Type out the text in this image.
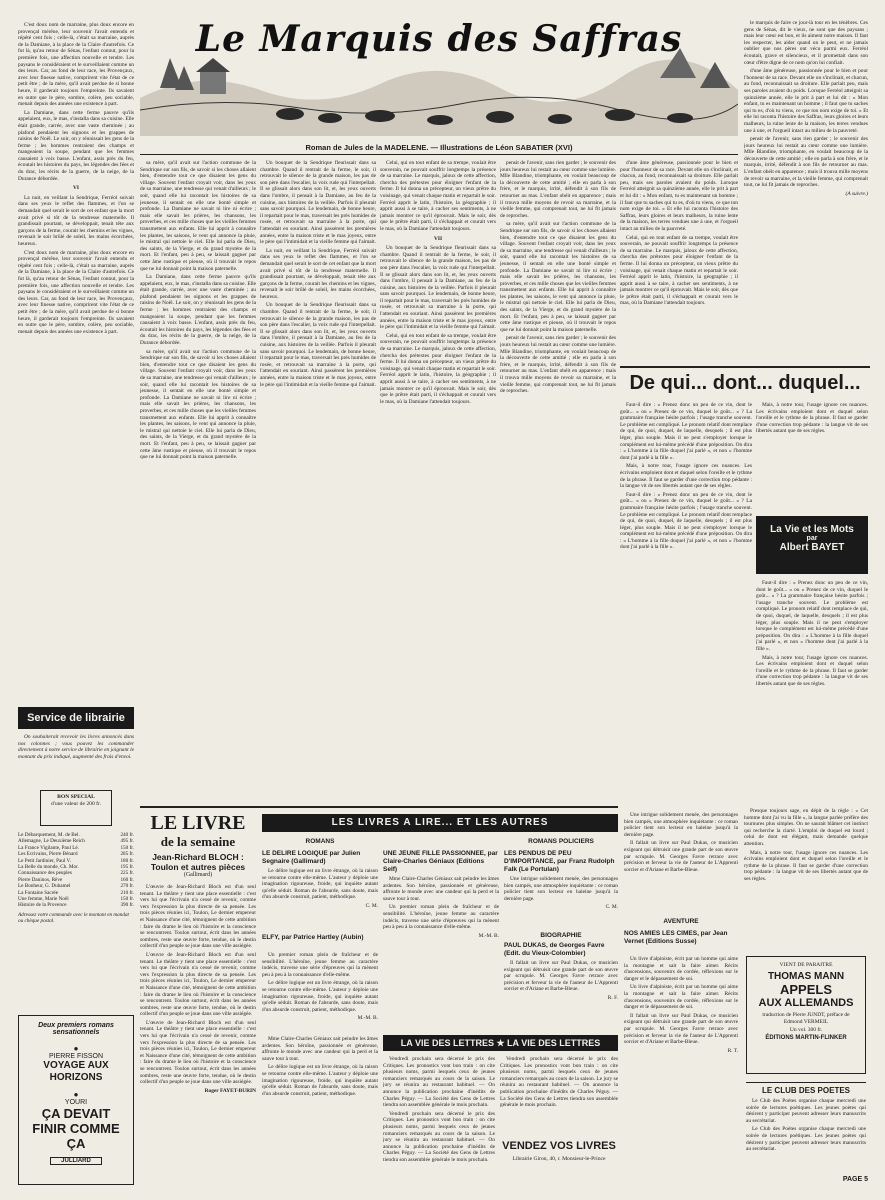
Le Marquis des Saffras
Roman de Jules de la MADELENE. — Illustrations de Léon SABATIER (XVI)

C'est doux nom de marraine, plus doux encore en provençal mérêne, leur souvenir l'avait entendu et répété cent fois ; celle-là, c'était sa marraine, auprès de la Damiane, à la place de la Claire d'autrefois. Ce fut là, qu'au retour de Sénas, l'enfant connut, pour la première fois, une affection nouvelle et tendre. Les paysans le considéraient et le surveillaient comme un des leurs. Car, au fond de leur race, les Provençaux, avec leur finesse native, comprirent vite l'état de ce petit être ; de la mère, qu'il avait perdue de si bonne heure, il garderait toujours l'empreinte. Ils savaient en outre que le père, sombre, colère, peu sociable, menait depuis des années une existence à part.

La Damiane, dans cette ferme pauvre qu'ils appelaient, eux, le mas, s'installa dans sa cuisine. Elle était grande, carrée, avec une vaste cheminée ; au plafond pendaient les oignons et les grappes de raisins de Noël. Le soir, on y réunissait les gens de la ferme ; les hommes rentraient des champs et mangeaient la soupe, pendant que les femmes causaient à voix basse. L'enfant, assis près du feu, écoutait les histoires du pays, les légendes des fées et du drac, les récits de la guerre, de la neige, de la Durance débordée.

VI

La nuit, en veillant la Sendrique, Ferréol suivait dans ses yeux le reflet des flammes, et l'on se demandait quel serait le sort de cet enfant que la mort avait privé si tôt de la tendresse maternelle. Il grandissait pourtant, se développait, tenait tête aux garçons de la ferme, courait les chemins et les vignes, revenait le soir brûlé de soleil, les mains écorchées, heureux.

C'est doux nom de marraine, plus doux encore en provençal mérêne, leur souvenir l'avait entendu et répété cent fois ; celle-là, c'était sa marraine, auprès de la Damiane, à la place de la Claire d'autrefois. Ce fut là, qu'au retour de Sénas, l'enfant connut, pour la première fois, une affection nouvelle et tendre. Les paysans le considéraient et le surveillaient comme un des leurs. Car, au fond de leur race, les Provençaux, avec leur finesse native, comprirent vite l'état de ce petit être ; de la mère, qu'il avait perdue de si bonne heure, il garderait toujours l'empreinte. Ils savaient en outre que le père, sombre, colère, peu sociable, menait depuis des années une existence à part.

sa mère, qu'il avait sur l'action commune de la Sendrique sur son fils, de savoir si les choses allaient bien, d'entendre tout ce que disaient les gens du village. Souvent l'enfant croyait voir, dans les yeux de sa marraine, une tendresse qui venait d'ailleurs ; le soir, quand elle lui racontait les histoires de sa jeunesse, il sentait en elle une bonté simple et profonde. La Damiane ne savait ni lire ni écrire ; mais elle savait les prières, les chansons, les proverbes, et ces mille choses que les vieilles femmes transmettent aux enfants. Elle lui apprit à connaître les plantes, les saisons, le vent qui annonce la pluie, le mistral qui nettoie le ciel. Elle lui parla de Dieu, des saints, de la Vierge, et du grand mystère de la mort. Et l'enfant, peu à peu, se laissait gagner par cette âme rustique et pieuse, où il trouvait le repos que ne lui donnait point la maison paternelle.

La Damiane, dans cette ferme pauvre qu'ils appelaient, eux, le mas, s'installa dans sa cuisine. Elle était grande, carrée, avec une vaste cheminée ; au plafond pendaient les oignons et les grappes de raisins de Noël. Le soir, on y réunissait les gens de la ferme ; les hommes rentraient des champs et mangeaient la soupe, pendant que les femmes causaient à voix basse. L'enfant, assis près du feu, écoutait les histoires du pays, les légendes des fées et du drac, les récits de la guerre, de la neige, de la Durance débordée.

sa mère, qu'il avait sur l'action commune de la Sendrique sur son fils, de savoir si les choses allaient bien, d'entendre tout ce que disaient les gens du village. Souvent l'enfant croyait voir, dans les yeux de sa marraine, une tendresse qui venait d'ailleurs ; le soir, quand elle lui racontait les histoires de sa jeunesse, il sentait en elle une bonté simple et profonde. La Damiane ne savait ni lire ni écrire ; mais elle savait les prières, les chansons, les proverbes, et ces mille choses que les vieilles femmes transmettent aux enfants. Elle lui apprit à connaître les plantes, les saisons, le vent qui annonce la pluie, le mistral qui nettoie le ciel. Elle lui parla de Dieu, des saints, de la Vierge, et du grand mystère de la mort. Et l'enfant, peu à peu, se laissait gagner par cette âme rustique et pieuse, où il trouvait le repos que ne lui donnait point la maison paternelle.

Un bouquet de la Sendrique fleurissait dans sa chambre. Quand il rentrait de la ferme, le soir, il retrouvait le silence de la grande maison, les pas de son père dans l'escalier, la voix rude qui l'interpellait. Il se glissait alors dans son lit, et, les yeux ouverts dans l'ombre, il pensait à la Damiane, au feu de la cuisine, aux histoires de la veillée. Parfois il pleurait sans savoir pourquoi. Le lendemain, de bonne heure, il repartait pour le mas, traversait les prés humides de rosée, et retrouvait sa marraine à la porte, qui l'attendait en souriant. Ainsi passèrent les premières années, entre la maison triste et le mas joyeux, entre le père qui l'intimidait et la vieille femme qui l'aimait.

La nuit, en veillant la Sendrique, Ferréol suivait dans ses yeux le reflet des flammes, et l'on se demandait quel serait le sort de cet enfant que la mort avait privé si tôt de la tendresse maternelle. Il grandissait pourtant, se développait, tenait tête aux garçons de la ferme, courait les chemins et les vignes, revenait le soir brûlé de soleil, les mains écorchées, heureux.

Un bouquet de la Sendrique fleurissait dans sa chambre. Quand il rentrait de la ferme, le soir, il retrouvait le silence de la grande maison, les pas de son père dans l'escalier, la voix rude qui l'interpellait. Il se glissait alors dans son lit, et, les yeux ouverts dans l'ombre, il pensait à la Damiane, au feu de la cuisine, aux histoires de la veillée. Parfois il pleurait sans savoir pourquoi. Le lendemain, de bonne heure, il repartait pour le mas, traversait les prés humides de rosée, et retrouvait sa marraine à la porte, qui l'attendait en souriant. Ainsi passèrent les premières années, entre la maison triste et le mas joyeux, entre le père qui l'intimidait et la vieille femme qui l'aimait.

Celui, qui en tout enfant de sa trempe, voulait être souverain, ne pouvait souffrir longtemps la présence de sa marraine. Le marquis, jaloux de cette affection, chercha des prétextes pour éloigner l'enfant de la ferme. Il lui donna un précepteur, un vieux prêtre du voisinage, qui venait chaque matin et repartait le soir. Ferréol apprit le latin, l'histoire, la géographie ; il apprit aussi à se taire, à cacher ses sentiments, à ne jamais montrer ce qu'il éprouvait. Mais le soir, dès que le prêtre était parti, il s'échappait et courait vers le mas, où la Damiane l'attendait toujours.

VII

Un bouquet de la Sendrique fleurissait dans sa chambre. Quand il rentrait de la ferme, le soir, il retrouvait le silence de la grande maison, les pas de son père dans l'escalier, la voix rude qui l'interpellait. Il se glissait alors dans son lit, et, les yeux ouverts dans l'ombre, il pensait à la Damiane, au feu de la cuisine, aux histoires de la veillée. Parfois il pleurait sans savoir pourquoi. Le lendemain, de bonne heure, il repartait pour le mas, traversait les prés humides de rosée, et retrouvait sa marraine à la porte, qui l'attendait en souriant. Ainsi passèrent les premières années, entre la maison triste et le mas joyeux, entre le père qui l'intimidait et la vieille femme qui l'aimait.

Celui, qui en tout enfant de sa trempe, voulait être souverain, ne pouvait souffrir longtemps la présence de sa marraine. Le marquis, jaloux de cette affection, chercha des prétextes pour éloigner l'enfant de la ferme. Il lui donna un précepteur, un vieux prêtre du voisinage, qui venait chaque matin et repartait le soir. Ferréol apprit le latin, l'histoire, la géographie ; il apprit aussi à se taire, à cacher ses sentiments, à ne jamais montrer ce qu'il éprouvait. Mais le soir, dès que le prêtre était parti, il s'échappait et courait vers le mas, où la Damiane l'attendait toujours.

pensit de l'avenir, sans rien garder ; le souvenir des jours heureux lui restait au cœur comme une lumière. Mlle Blandine, triomphante, en voulait beaucoup de la découverte de cette amitié ; elle en parla à son frère, et le marquis, irrité, défendit à son fils de retourner au mas. L'enfant obéit en apparence ; mais il trouva mille moyens de revoir sa marraine, et la vieille femme, qui comprenait tout, ne lui fit jamais de reproches.

sa mère, qu'il avait sur l'action commune de la Sendrique sur son fils, de savoir si les choses allaient bien, d'entendre tout ce que disaient les gens du village. Souvent l'enfant croyait voir, dans les yeux de sa marraine, une tendresse qui venait d'ailleurs ; le soir, quand elle lui racontait les histoires de sa jeunesse, il sentait en elle une bonté simple et profonde. La Damiane ne savait ni lire ni écrire ; mais elle savait les prières, les chansons, les proverbes, et ces mille choses que les vieilles femmes transmettent aux enfants. Elle lui apprit à connaître les plantes, les saisons, le vent qui annonce la pluie, le mistral qui nettoie le ciel. Elle lui parla de Dieu, des saints, de la Vierge, et du grand mystère de la mort. Et l'enfant, peu à peu, se laissait gagner par cette âme rustique et pieuse, où il trouvait le repos que ne lui donnait point la maison paternelle.

pensit de l'avenir, sans rien garder ; le souvenir des jours heureux lui restait au cœur comme une lumière. Mlle Blandine, triomphante, en voulait beaucoup de la découverte de cette amitié ; elle en parla à son frère, et le marquis, irrité, défendit à son fils de retourner au mas. L'enfant obéit en apparence ; mais il trouva mille moyens de revoir sa marraine, et la vieille femme, qui comprenait tout, ne lui fit jamais de reproches.

d'une âme généreuse, passionnée pour le bien et pour l'honneur de sa race. Devant elle on s'inclinait, et chacun, au fond, reconnaissait sa droiture. Elle parlait peu, mais ses paroles avaient du poids. Lorsque Ferréol atteignit sa quinzième année, elle le prit à part et lui dit : « Mon enfant, tu es maintenant un homme ; il faut que tu saches qui tu es, d'où tu viens, ce que ton nom exige de toi. » Et elle lui raconta l'histoire des Saffras, leurs gloires et leurs malheurs, la ruine lente de la maison, les terres vendues une à une, et l'orgueil intact au milieu de la pauvreté.

Celui, qui en tout enfant de sa trempe, voulait être souverain, ne pouvait souffrir longtemps la présence de sa marraine. Le marquis, jaloux de cette affection, chercha des prétextes pour éloigner l'enfant de la ferme. Il lui donna un précepteur, un vieux prêtre du voisinage, qui venait chaque matin et repartait le soir. Ferréol apprit le latin, l'histoire, la géographie ; il apprit aussi à se taire, à cacher ses sentiments, à ne jamais montrer ce qu'il éprouvait. Mais le soir, dès que le prêtre était parti, il s'échappait et courait vers le mas, où la Damiane l'attendait toujours.

le marquis de faire ce jour-là tour en les ténèbres. Ces gens de Sénas, dit le vieux, ne sont que des paysans ; mais leur cœur est bon, et ils aiment notre maison. Il faut les respecter, les aider quand on le peut, et ne jamais oublier que nos pères ont vécu parmi eux. Ferréol écoutait, grave et silencieux, et il promettait dans son cœur d'être digne de ce nom qu'on lui confiait.

d'une âme généreuse, passionnée pour le bien et pour l'honneur de sa race. Devant elle on s'inclinait, et chacun, au fond, reconnaissait sa droiture. Elle parlait peu, mais ses paroles avaient du poids. Lorsque Ferréol atteignit sa quinzième année, elle le prit à part et lui dit : « Mon enfant, tu es maintenant un homme ; il faut que tu saches qui tu es, d'où tu viens, ce que ton nom exige de toi. » Et elle lui raconta l'histoire des Saffras, leurs gloires et leurs malheurs, la ruine lente de la maison, les terres vendues une à une, et l'orgueil intact au milieu de la pauvreté.

pensit de l'avenir, sans rien garder ; le souvenir des jours heureux lui restait au cœur comme une lumière. Mlle Blandine, triomphante, en voulait beaucoup de la découverte de cette amitié ; elle en parla à son frère, et le marquis, irrité, défendit à son fils de retourner au mas. L'enfant obéit en apparence ; mais il trouva mille moyens de revoir sa marraine, et la vieille femme, qui comprenait tout, ne lui fit jamais de reproches.

(A suivre.)
De qui... dont... duquel...

Faut-il dire : « Prenez donc un peu de ce vin, dont le goût... » ou « Prenez de ce vin, duquel le goût... » ? La grammaire française hésite parfois ; l'usage tranche souvent. Le problème est compliqué. Le pronom relatif dont remplace de qui, de quoi, duquel, de laquelle, desquels ; il est plus léger, plus souple. Mais il ne peut s'employer lorsque le complément est lui-même précédé d'une préposition. On dira : « L'homme à la fille duquel j'ai parlé », et non « l'homme dont j'ai parlé à la fille ».

Mais, à notre tour, l'usage ignore ces nuances. Les écrivains emploient dont et duquel selon l'oreille et le rythme de la phrase. Il faut se garder d'une correction trop pédante : la langue vit de ses libertés autant que de ses règles.

Faut-il dire : « Prenez donc un peu de ce vin, dont le goût... » ou « Prenez de ce vin, duquel le goût... » ? La grammaire française hésite parfois ; l'usage tranche souvent. Le problème est compliqué. Le pronom relatif dont remplace de qui, de quoi, duquel, de laquelle, desquels ; il est plus léger, plus souple. Mais il ne peut s'employer lorsque le complément est lui-même précédé d'une préposition. On dira : « L'homme à la fille duquel j'ai parlé », et non « l'homme dont j'ai parlé à la fille ».

Mais, à notre tour, l'usage ignore ces nuances. Les écrivains emploient dont et duquel selon l'oreille et le rythme de la phrase. Il faut se garder d'une correction trop pédante : la langue vit de ses libertés autant que de ses règles.

La Vie et les Mots
par
Albert BAYET

Faut-il dire : « Prenez donc un peu de ce vin, dont le goût... » ou « Prenez de ce vin, duquel le goût... » ? La grammaire française hésite parfois ; l'usage tranche souvent. Le problème est compliqué. Le pronom relatif dont remplace de qui, de quoi, duquel, de laquelle, desquels ; il est plus léger, plus souple. Mais il ne peut s'employer lorsque le complément est lui-même précédé d'une préposition. On dira : « L'homme à la fille duquel j'ai parlé », et non « l'homme dont j'ai parlé à la fille ».

Mais, à notre tour, l'usage ignore ces nuances. Les écrivains emploient dont et duquel selon l'oreille et le rythme de la phrase. Il faut se garder d'une correction trop pédante : la langue vit de ses libertés autant que de ses règles.

Service de librairie

On souhaiterait recevoir les livres annoncés dans nos colonnes ; vous pouvez les commander directement à notre service de librairie en joignant le montant du prix indiqué, augmenté des frais d'envoi.

BON SPECIAL
d'une valeur de 200 fr.
Le Débarquement, M. de Bel.	240 fr.
Allemagne, Le Deuxième Reich	495 fr.
La France Vigilante, Paul Lé.	150 fr.
Les Ecrivains, Pierre Bénard	285 fr.
Le Petit Jardinier, Paul V.	180 fr.
La Belle du monde, Ch. Mor.	195 fr.
Connaissance des peuples	225 fr.
Pierre Daninos, Rêve	160 fr.
Le Bonheur, G. Duhamel	270 fr.
La Fontaine Sacrée	210 fr.
Une femme, Marie Noël	150 fr.
Histoire de la Provence	390 fr.
Adressez votre commande avec le montant en mandat ou chèque postal.
Deux premiers romans
sensationnels
●
PIERRE FISSON
VOYAGE AUX HORIZONS
●
YOURI
ÇA DEVAIT FINIR COMME ÇA
JULLIARD
LE LIVRE
de la semaine
Jean-Richard BLOCH :
Toulon et autres pièces
(Gallimard)

L'œuvre de Jean-Richard Bloch est d'un seul tenant. Le théâtre y tient une place essentielle : c'est vers lui que l'écrivain n'a cessé de revenir, comme vers l'expression la plus directe de sa pensée. Les trois pièces réunies ici, Toulon, Le dernier empereur et Naissance d'une cité, témoignent de cette ambition : faire du drame le lieu où l'histoire et la conscience se rencontrent. Toulon surtout, écrit dans les années sombres, reste une œuvre forte, tendue, où le destin collectif d'un peuple se joue dans une ville assiégée.

L'œuvre de Jean-Richard Bloch est d'un seul tenant. Le théâtre y tient une place essentielle : c'est vers lui que l'écrivain n'a cessé de revenir, comme vers l'expression la plus directe de sa pensée. Les trois pièces réunies ici, Toulon, Le dernier empereur et Naissance d'une cité, témoignent de cette ambition : faire du drame le lieu où l'histoire et la conscience se rencontrent. Toulon surtout, écrit dans les années sombres, reste une œuvre forte, tendue, où le destin collectif d'un peuple se joue dans une ville assiégée.

L'œuvre de Jean-Richard Bloch est d'un seul tenant. Le théâtre y tient une place essentielle : c'est vers lui que l'écrivain n'a cessé de revenir, comme vers l'expression la plus directe de sa pensée. Les trois pièces réunies ici, Toulon, Le dernier empereur et Naissance d'une cité, témoignent de cette ambition : faire du drame le lieu où l'histoire et la conscience se rencontrent. Toulon surtout, écrit dans les années sombres, reste une œuvre forte, tendue, où le destin collectif d'un peuple se joue dans une ville assiégée.

Roger FAYET-BURIN
LES LIVRES A LIRE... ET LES AUTRES
ROMANS
LE DELIRE LOGIQUE par Julien Segnaire (Gallimard)

Le délire logique est un livre étrange, où la raison se retourne contre elle-même. L'auteur y déploie une imagination rigoureuse, froide, qui inquiète autant qu'elle séduit. Roman de l'absurde, sans doute, mais d'un absurde construit, patient, méthodique.

C. M.
ELFY, par Patrice Hartley (Aubin)

Un premier roman plein de fraîcheur et de sensibilité. L'héroïne, jeune femme au caractère indécis, traverse une série d'épreuves qui la mènent peu à peu à la connaissance d'elle-même.

Le délire logique est un livre étrange, où la raison se retourne contre elle-même. L'auteur y déploie une imagination rigoureuse, froide, qui inquiète autant qu'elle séduit. Roman de l'absurde, sans doute, mais d'un absurde construit, patient, méthodique.

M.-M. B.
UNE JEUNE FILLE PASSIONNEE, par Claire-Charles Géniaux (Editions Self)

Mme Claire-Charles Géniaux sait peindre les âmes ardentes. Son héroïne, passionnée et généreuse, affronte le monde avec une candeur qui la perd et la sauve tour à tour.

Un premier roman plein de fraîcheur et de sensibilité. L'héroïne, jeune femme au caractère indécis, traverse une série d'épreuves qui la mènent peu à peu à la connaissance d'elle-même.

M.-M. B.
ROMANS POLICIERS
LES PENDUS DE PEU D'IMPORTANCE, par Franz Rudolph Falk (Le Portulan)

Une intrigue solidement menée, des personnages bien campés, une atmosphère inquiétante : ce roman policier tient son lecteur en haleine jusqu'à la dernière page.

C. M.
BIOGRAPHIE
PAUL DUKAS, de Georges Favre (Edit. du Vieux-Colombier)

Il fallait un livre sur Paul Dukas, ce musicien exigeant qui détruisit une grande part de son œuvre par scrupule. M. Georges Favre retrace avec précision et ferveur la vie de l'auteur de L'Apprenti sorcier et d'Ariane et Barbe-Bleue.

R. F.

Une intrigue solidement menée, des personnages bien campés, une atmosphère inquiétante : ce roman policier tient son lecteur en haleine jusqu'à la dernière page.

Il fallait un livre sur Paul Dukas, ce musicien exigeant qui détruisit une grande part de son œuvre par scrupule. M. Georges Favre retrace avec précision et ferveur la vie de l'auteur de L'Apprenti sorcier et d'Ariane et Barbe-Bleue.

AVENTURE
NOS AMIES LES CIMES, par Jean Vernet (Editions Susse)

Un livre d'alpiniste, écrit par un homme qui aime la montagne et sait la faire aimer. Récits d'ascensions, souvenirs de cordée, réflexions sur le danger et le dépassement de soi.

Un livre d'alpiniste, écrit par un homme qui aime la montagne et sait la faire aimer. Récits d'ascensions, souvenirs de cordée, réflexions sur le danger et le dépassement de soi.

Il fallait un livre sur Paul Dukas, ce musicien exigeant qui détruisit une grande part de son œuvre par scrupule. M. Georges Favre retrace avec précision et ferveur la vie de l'auteur de L'Apprenti sorcier et d'Ariane et Barbe-Bleue.

R. T.
LA VIE DES LETTRES ★ LA VIE DES LETTRES

Vendredi prochain sera décerné le prix des Critiques. Les pronostics vont bon train : on cite plusieurs noms, parmi lesquels ceux de jeunes romanciers remarqués au cours de la saison. Le jury se réunira au restaurant habituel. — On annonce la publication prochaine d'inédits de Charles Péguy. — La Société des Gens de Lettres tiendra son assemblée générale le mois prochain.

Vendredi prochain sera décerné le prix des Critiques. Les pronostics vont bon train : on cite plusieurs noms, parmi lesquels ceux de jeunes romanciers remarqués au cours de la saison. Le jury se réunira au restaurant habituel. — On annonce la publication prochaine d'inédits de Charles Péguy. — La Société des Gens de Lettres tiendra son assemblée générale le mois prochain.

Vendredi prochain sera décerné le prix des Critiques. Les pronostics vont bon train : on cite plusieurs noms, parmi lesquels ceux de jeunes romanciers remarqués au cours de la saison. Le jury se réunira au restaurant habituel. — On annonce la publication prochaine d'inédits de Charles Péguy. — La Société des Gens de Lettres tiendra son assemblée générale le mois prochain.

VENDEZ VOS LIVRES
Librairie Giron, 40, r. Monsieur-le-Prince

Mme Claire-Charles Géniaux sait peindre les âmes ardentes. Son héroïne, passionnée et généreuse, affronte le monde avec une candeur qui la perd et la sauve tour à tour.

Le délire logique est un livre étrange, où la raison se retourne contre elle-même. L'auteur y déploie une imagination rigoureuse, froide, qui inquiète autant qu'elle séduit. Roman de l'absurde, sans doute, mais d'un absurde construit, patient, méthodique.

Presque toujours sage, en dépit de la règle : « Cet homme dont j'ai vu la fille », la langue parlée préfère des tournures plus simples. On ne saurait blâmer cet instinct qui recherche la clarté. L'emploi de duquel est lourd ; celui de dont est élégant, mais demande quelque attention.

Mais, à notre tour, l'usage ignore ces nuances. Les écrivains emploient dont et duquel selon l'oreille et le rythme de la phrase. Il faut se garder d'une correction trop pédante : la langue vit de ses libertés autant que de ses règles.

VIENT DE PARAITRE
THOMAS MANN
APPELS
AUX ALLEMANDS
traduction de Pierre JUNDT, préface de Edmond VERMEIL
Un vol. 300 fr.
ÉDITIONS MARTIN-FLINKER
LE CLUB DES POETES

Le Club des Poètes organise chaque mercredi une soirée de lectures poétiques. Les jeunes poètes qui désirent y participer peuvent adresser leurs manuscrits au secrétariat.

Le Club des Poètes organise chaque mercredi une soirée de lectures poétiques. Les jeunes poètes qui désirent y participer peuvent adresser leurs manuscrits au secrétariat.

PAGE 5
